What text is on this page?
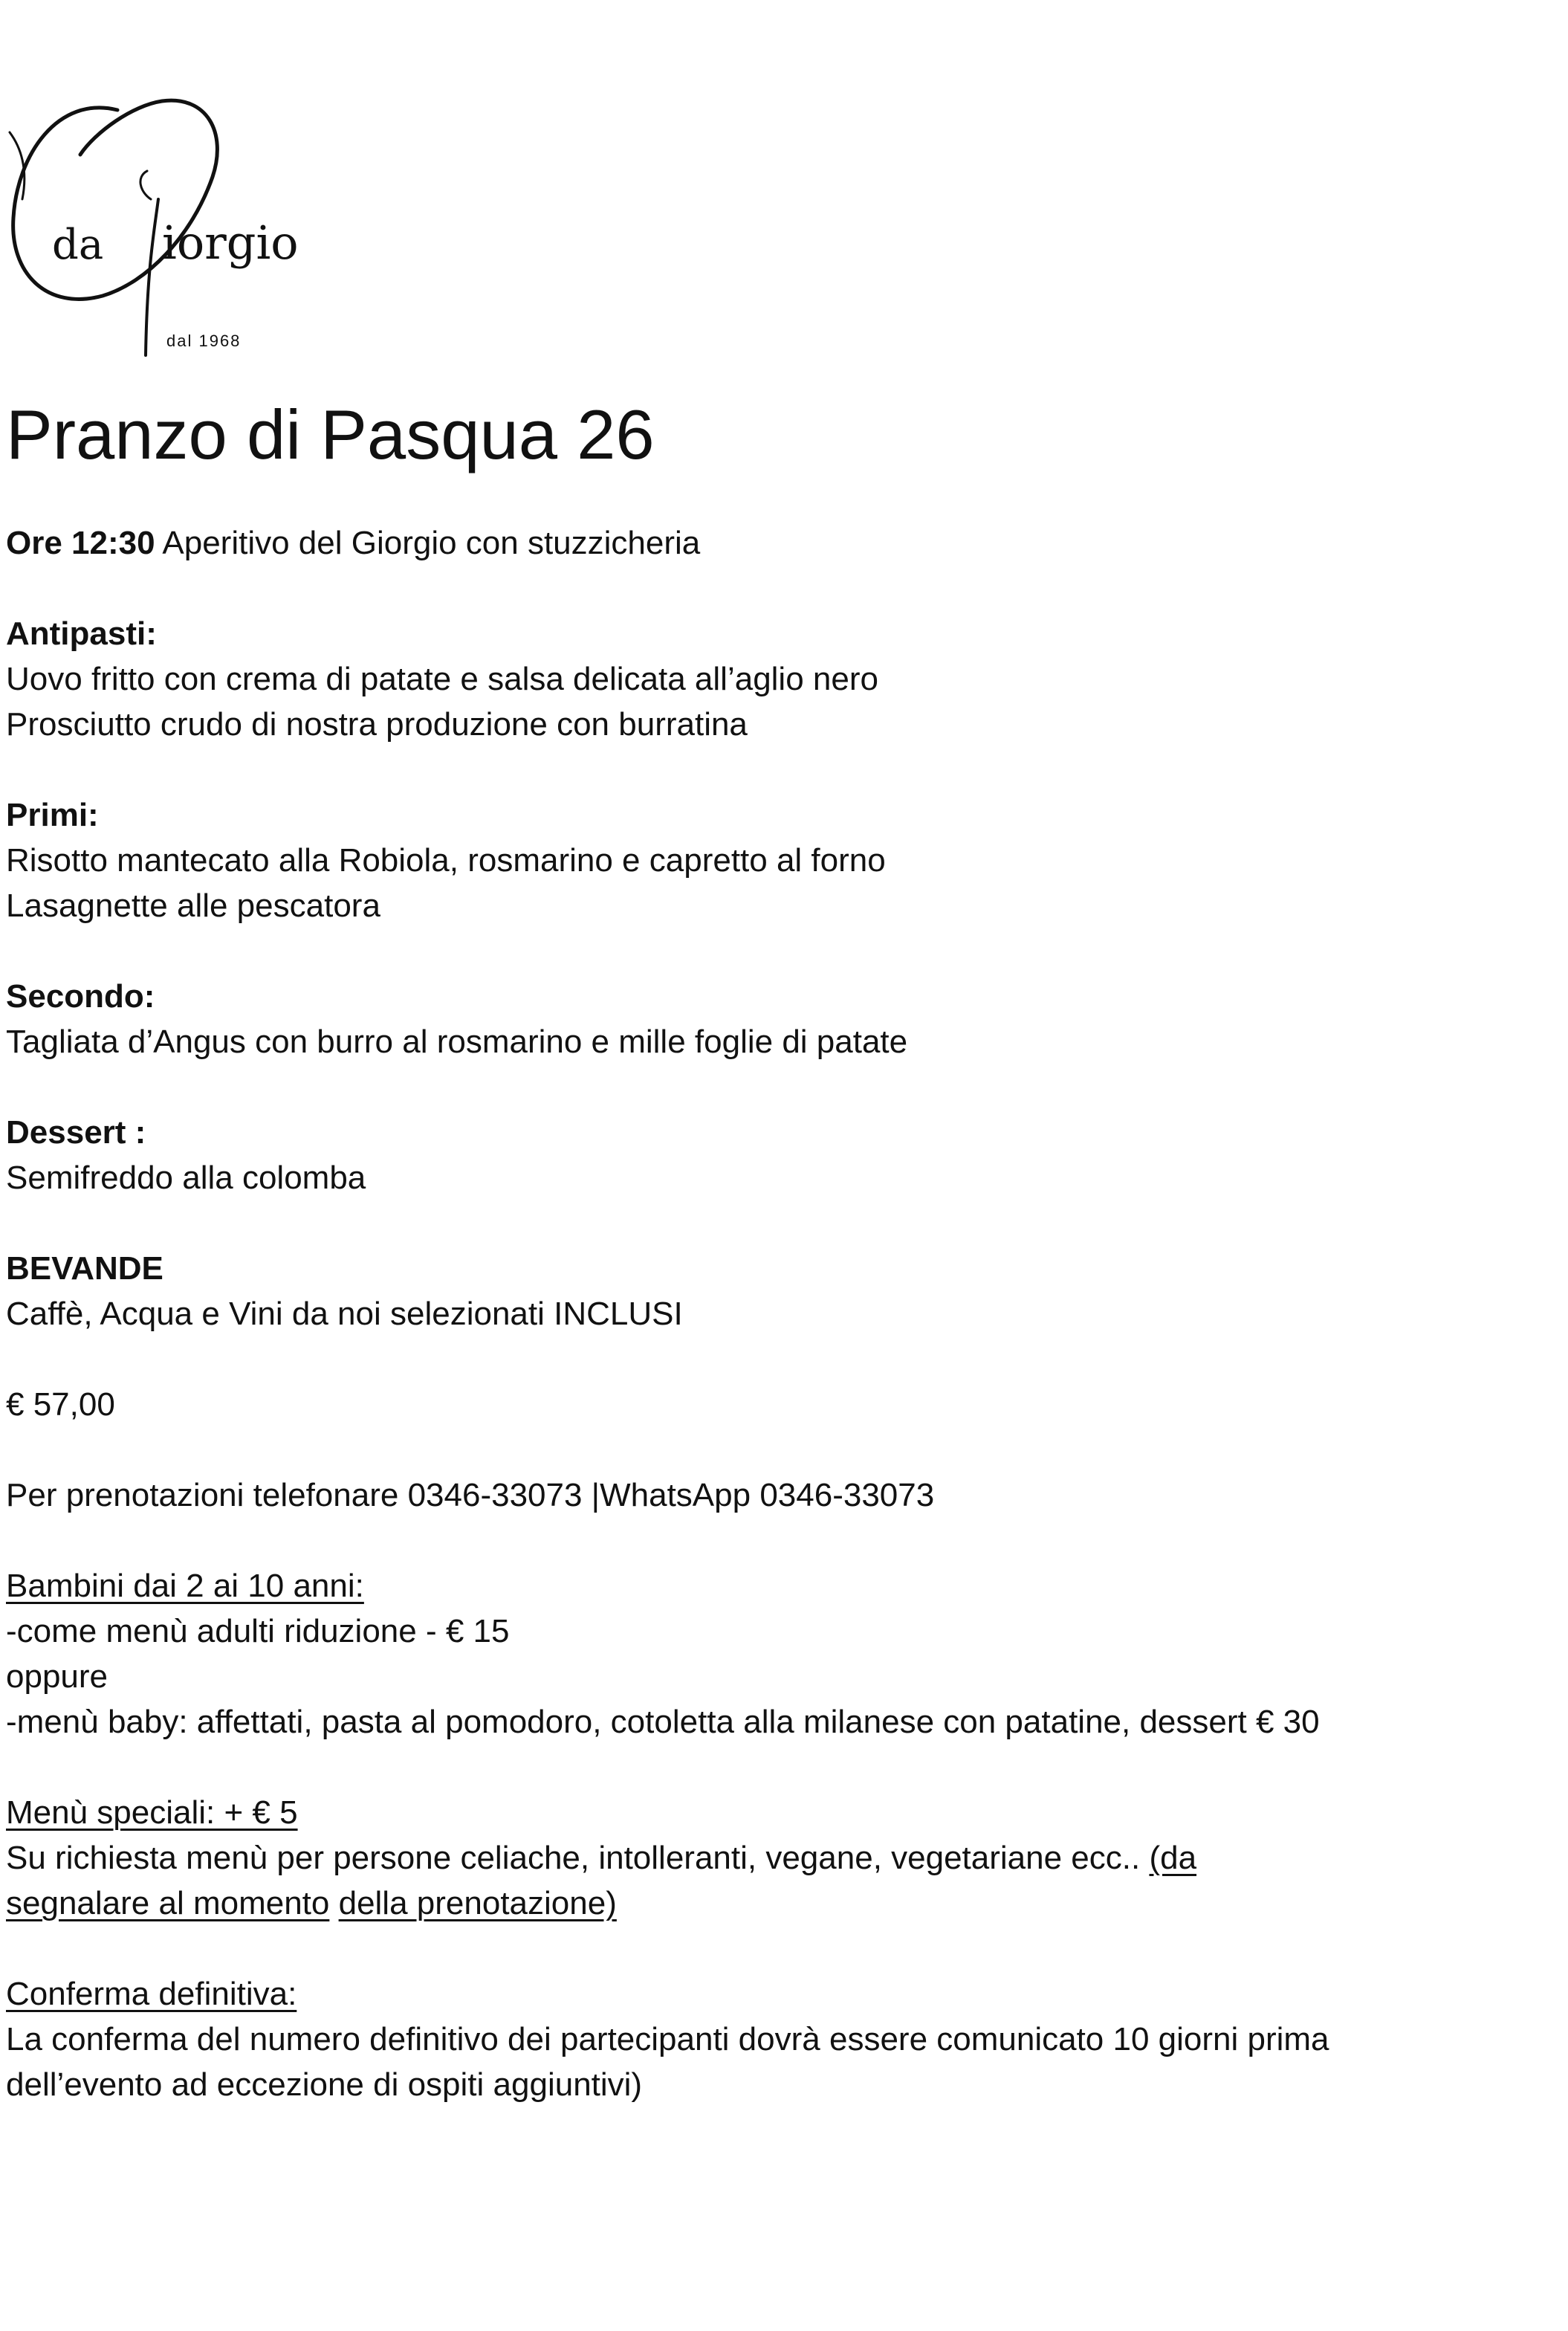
da iorgio
dal 1968
Pranzo di Pasqua 26
Ore 12:30 Aperitivo del Giorgio con stuzzicheria
Antipasti:
Uovo fritto con crema di patate e salsa delicata all’aglio nero
Prosciutto crudo di nostra produzione con burratina
Primi:
Risotto mantecato alla Robiola, rosmarino e capretto al forno
Lasagnette alle pescatora
Secondo:
Tagliata d’Angus con burro al rosmarino e mille foglie di patate
Dessert :
Semifreddo alla colomba
BEVANDE
Caffè, Acqua e Vini da noi selezionati INCLUSI
€ 57,00
Per prenotazioni telefonare 0346-33073 |WhatsApp 0346-33073
Bambini dai 2 ai 10 anni:
-come menù adulti riduzione - € 15
oppure
-menù baby: affettati, pasta al pomodoro, cotoletta alla milanese con patatine, dessert € 30
Menù speciali: + € 5
Su richiesta menù per persone celiache, intolleranti, vegane, vegetariane ecc.. (da
segnalare al momento della prenotazione)
Conferma definitiva:
La conferma del numero definitivo dei partecipanti dovrà essere comunicato 10 giorni prima
dell’evento ad eccezione di ospiti aggiuntivi)
